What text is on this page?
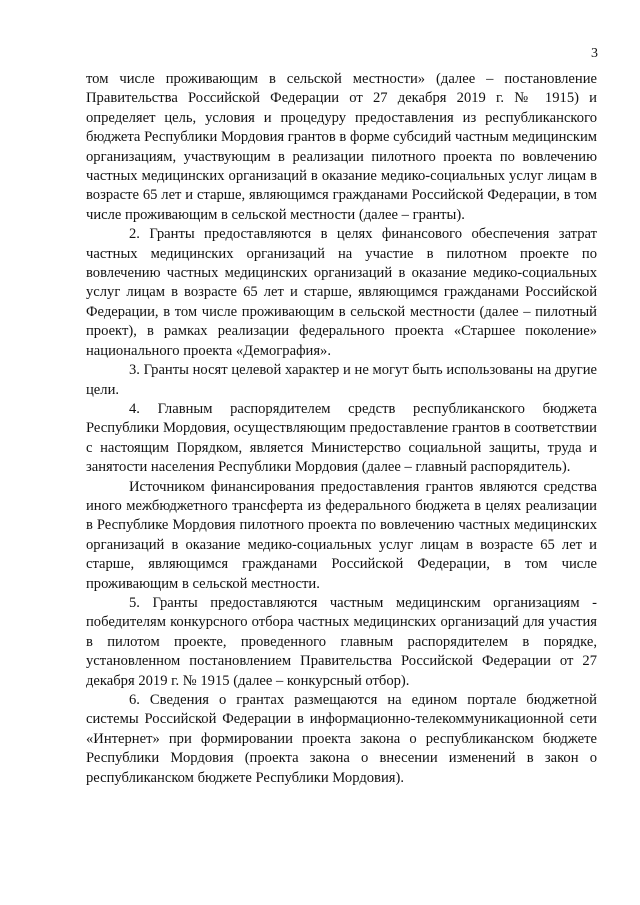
3

том числе проживающим в сельской местности» (далее – постановление Правительства Российской Федерации от 27 декабря 2019 г. № 1915) и определяет цель, условия и процедуру предоставления из республиканского бюджета Республики Мордовия грантов в форме субсидий частным медицинским организациям, участвующим в реализации пилотного проекта по вовлечению частных медицинских организаций в оказание медико-социальных услуг лицам в возрасте 65 лет и старше, являющимся гражданами Российской Федерации, в том числе проживающим в сельской местности (далее – гранты).

2. Гранты предоставляются в целях финансового обеспечения затрат частных медицинских организаций на участие в пилотном проекте по вовлечению частных медицинских организаций в оказание медико-социальных услуг лицам в возрасте 65 лет и старше, являющимся гражданами Российской Федерации, в том числе проживающим в сельской местности (далее – пилотный проект), в рамках реализации федерального проекта «Старшее поколение» национального проекта «Демография».

3. Гранты носят целевой характер и не могут быть использованы на другие цели.

4. Главным распорядителем средств республиканского бюджета Республики Мордовия, осуществляющим предоставление грантов в соответствии с настоящим Порядком, является Министерство социальной защиты, труда и занятости населения Республики Мордовия (далее – главный распорядитель).

Источником финансирования предоставления грантов являются средства иного межбюджетного трансферта из федерального бюджета в целях реализации в Республике Мордовия пилотного проекта по вовлечению частных медицинских организаций в оказание медико-социальных услуг лицам в возрасте 65 лет и старше, являющимся гражданами Российской Федерации, в том числе проживающим в сельской местности.

5. Гранты предоставляются частным медицинским организациям - победителям конкурсного отбора частных медицинских организаций для участия в пилотом проекте, проведенного главным распорядителем в порядке, установленном постановлением Правительства Российской Федерации от 27 декабря 2019 г. № 1915 (далее – конкурсный отбор).

6. Сведения о грантах размещаются на едином портале бюджетной системы Российской Федерации в информационно-телекоммуникационной сети «Интернет» при формировании проекта закона о республиканском бюджете Республики Мордовия (проекта закона о внесении изменений в закон о республиканском бюджете Республики Мордовия).
